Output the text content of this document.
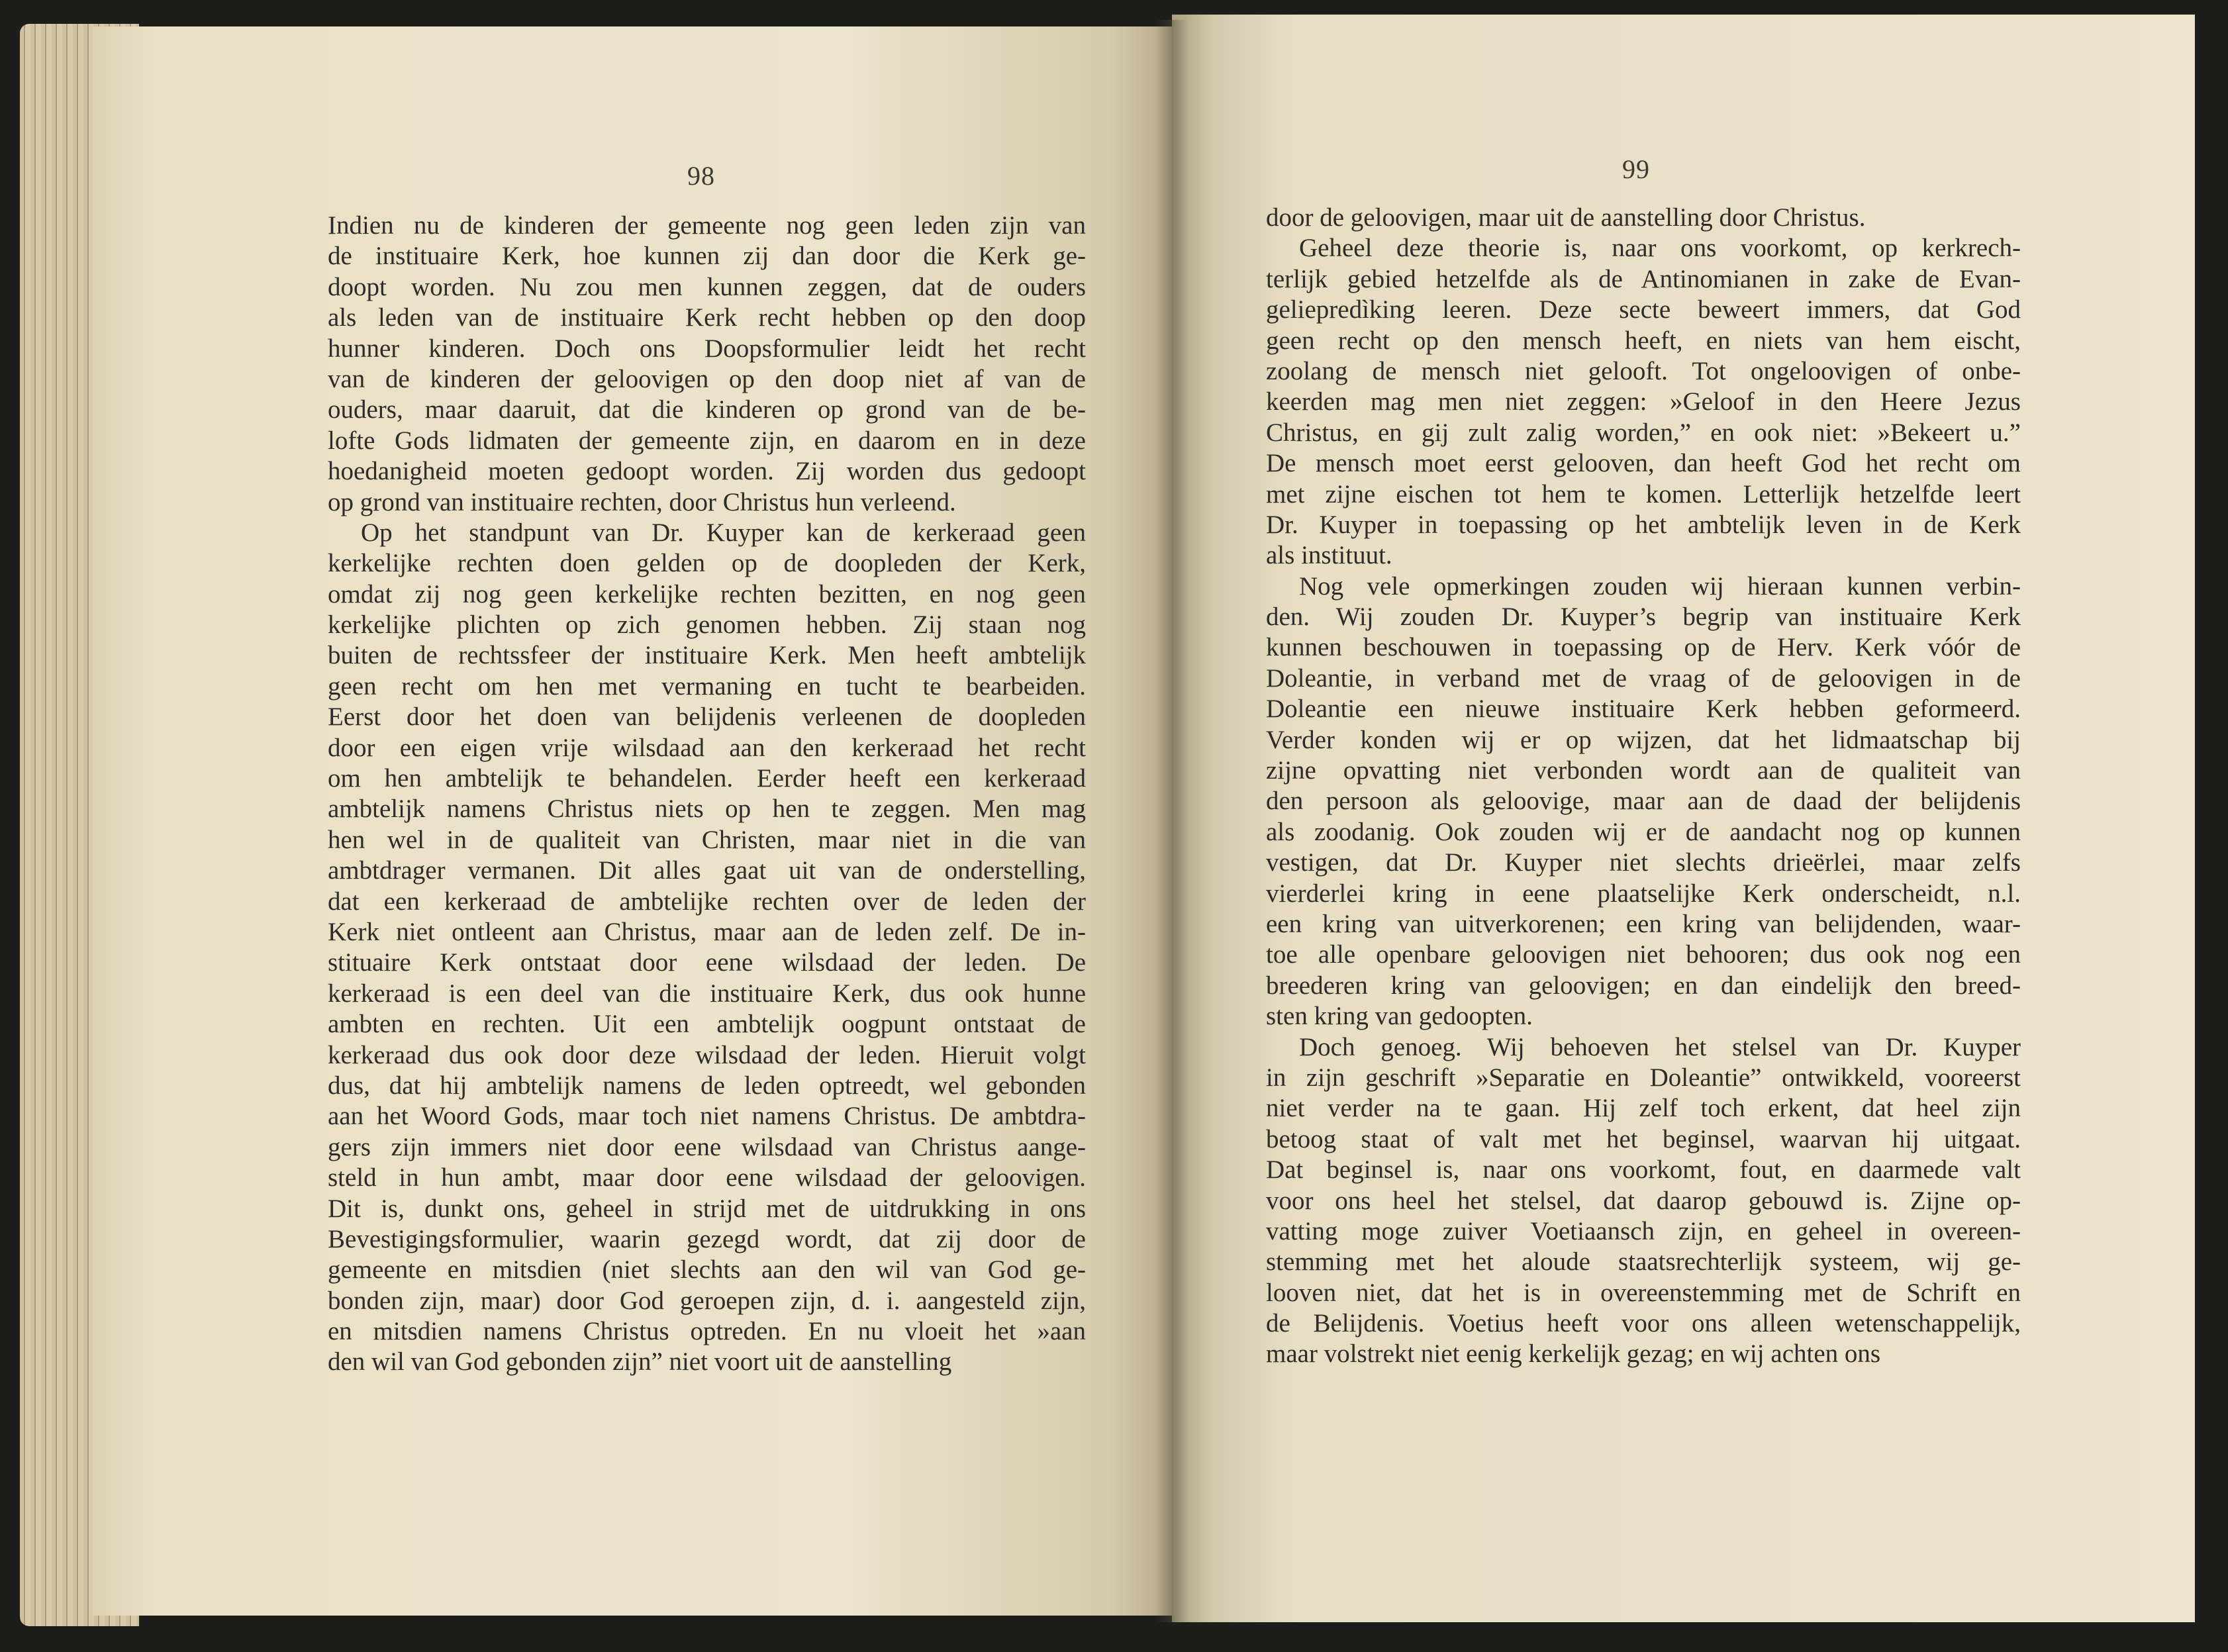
98	99
Indien nu de kinderen der gemeente nog geen leden zijn van
de instituaire Kerk, hoe kunnen zij dan door die Kerk ge-
doopt worden. Nu zou men kunnen zeggen, dat de ouders
als leden van de instituaire Kerk recht hebben op den doop
hunner kinderen. Doch ons Doopsformulier leidt het recht
van de kinderen der geloovigen op den doop niet af van de
ouders, maar daaruit, dat die kinderen op grond van de be-
lofte Gods lidmaten der gemeente zijn, en daarom en in deze
hoedanigheid moeten gedoopt worden. Zij worden dus gedoopt
op grond van instituaire rechten, door Christus hun verleend.
Op het standpunt van Dr. Kuyper kan de kerkeraad geen
kerkelijke rechten doen gelden op de doopleden der Kerk,
omdat zij nog geen kerkelijke rechten bezitten, en nog geen
kerkelijke plichten op zich genomen hebben. Zij staan nog
buiten de rechtssfeer der instituaire Kerk. Men heeft ambtelijk
geen recht om hen met vermaning en tucht te bearbeiden.
Eerst door het doen van belijdenis verleenen de doopleden
door een eigen vrije wilsdaad aan den kerkeraad het recht
om hen ambtelijk te behandelen. Eerder heeft een kerkeraad
ambtelijk namens Christus niets op hen te zeggen. Men mag
hen wel in de qualiteit van Christen, maar niet in die van
ambtdrager vermanen. Dit alles gaat uit van de onderstelling,
dat een kerkeraad de ambtelijke rechten over de leden der
Kerk niet ontleent aan Christus, maar aan de leden zelf. De in-
stituaire Kerk ontstaat door eene wilsdaad der leden. De
kerkeraad is een deel van die instituaire Kerk, dus ook hunne
ambten en rechten. Uit een ambtelijk oogpunt ontstaat de
kerkeraad dus ook door deze wilsdaad der leden. Hieruit volgt
dus, dat hij ambtelijk namens de leden optreedt, wel gebonden
aan het Woord Gods, maar toch niet namens Christus. De ambtdra-
gers zijn immers niet door eene wilsdaad van Christus aange-
steld in hun ambt, maar door eene wilsdaad der geloovigen.
Dit is, dunkt ons, geheel in strijd met de uitdrukking in ons
Bevestigingsformulier, waarin gezegd wordt, dat zij door de
gemeente en mitsdien (niet slechts aan den wil van God ge-
bonden zijn, maar) door God geroepen zijn, d. i. aangesteld zijn,
en mitsdien namens Christus optreden. En nu vloeit het »aan
den wil van God gebonden zijn” niet voort uit de aanstelling
door de geloovigen, maar uit de aanstelling door Christus.
Geheel deze theorie is, naar ons voorkomt, op kerkrech-
terlijk gebied hetzelfde als de Antinomianen in zake de Evan-
geliepredìking leeren. Deze secte beweert immers, dat God
geen recht op den mensch heeft, en niets van hem eischt,
zoolang de mensch niet gelooft. Tot ongeloovigen of onbe-
keerden mag men niet zeggen: »Geloof in den Heere Jezus
Christus, en gij zult zalig worden,” en ook niet: »Bekeert u.”
De mensch moet eerst gelooven, dan heeft God het recht om
met zijne eischen tot hem te komen. Letterlijk hetzelfde leert
Dr. Kuyper in toepassing op het ambtelijk leven in de Kerk
als instituut.
Nog vele opmerkingen zouden wij hieraan kunnen verbin-
den. Wij zouden Dr. Kuyper’s begrip van instituaire Kerk
kunnen beschouwen in toepassing op de Herv. Kerk vóór de
Doleantie, in verband met de vraag of de geloovigen in de
Doleantie een nieuwe instituaire Kerk hebben geformeerd.
Verder konden wij er op wijzen, dat het lidmaatschap bij
zijne opvatting niet verbonden wordt aan de qualiteit van
den persoon als geloovige, maar aan de daad der belijdenis
als zoodanig. Ook zouden wij er de aandacht nog op kunnen
vestigen, dat Dr. Kuyper niet slechts drieërlei, maar zelfs
vierderlei kring in eene plaatselijke Kerk onderscheidt, n.l.
een kring van uitverkorenen; een kring van belijdenden, waar-
toe alle openbare geloovigen niet behooren; dus ook nog een
breederen kring van geloovigen; en dan eindelijk den breed-
sten kring van gedoopten.
Doch genoeg. Wij behoeven het stelsel van Dr. Kuyper
in zijn geschrift »Separatie en Doleantie” ontwikkeld, vooreerst
niet verder na te gaan. Hij zelf toch erkent, dat heel zijn
betoog staat of valt met het beginsel, waarvan hij uitgaat.
Dat beginsel is, naar ons voorkomt, fout, en daarmede valt
voor ons heel het stelsel, dat daarop gebouwd is. Zijne op-
vatting moge zuiver Voetiaansch zijn, en geheel in overeen-
stemming met het aloude staatsrechterlijk systeem, wij ge-
looven niet, dat het is in overeenstemming met de Schrift en
de Belijdenis. Voetius heeft voor ons alleen wetenschappelijk,
maar volstrekt niet eenig kerkelijk gezag; en wij achten ons
